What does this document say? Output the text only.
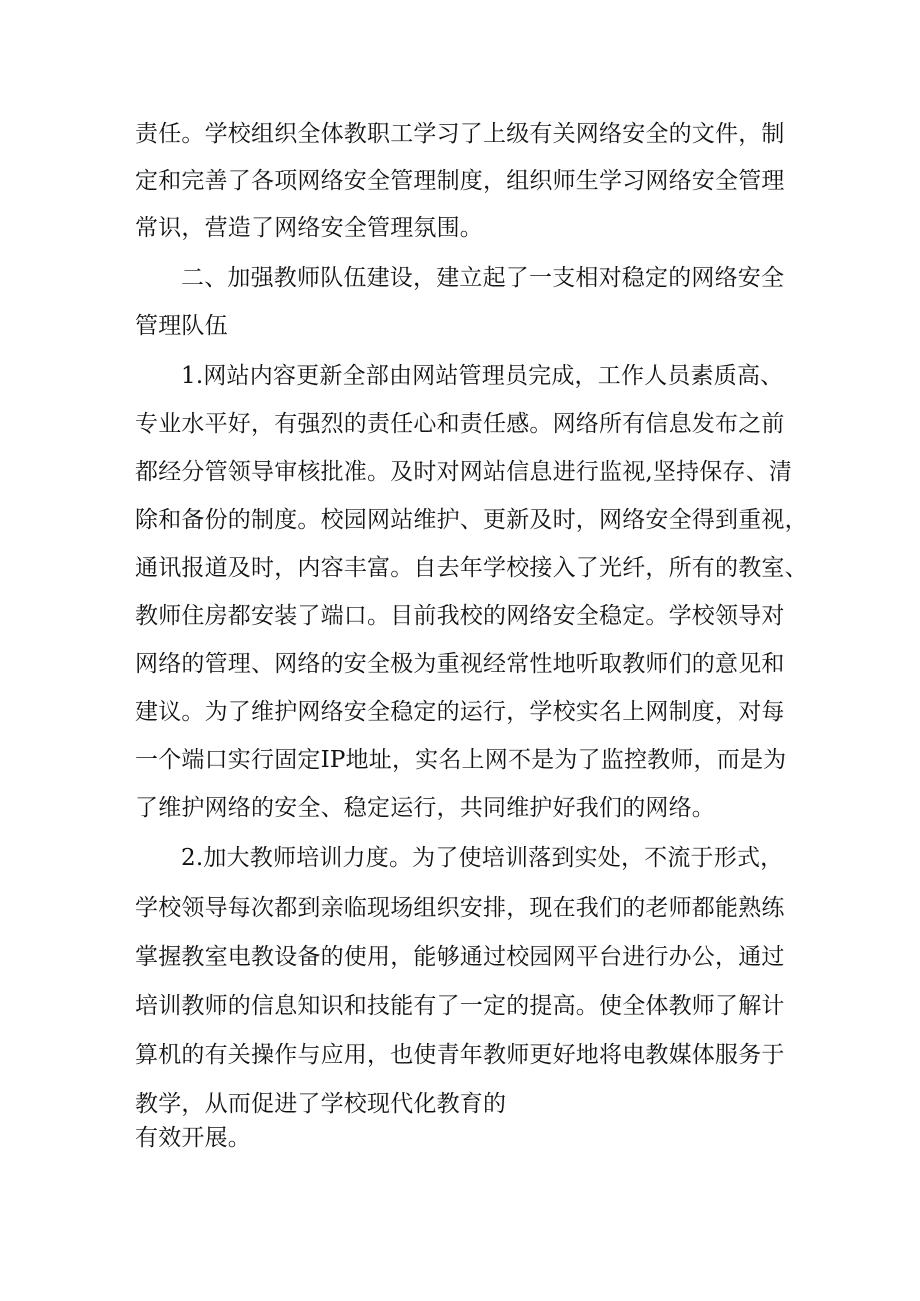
责任。学校组织全体教职工学习了上级有关网络安全的文件，制
定和完善了各项网络安全管理制度，组织师生学习网络安全管理
常识，营造了网络安全管理氛围。
二、加强教师队伍建设，建立起了一支相对稳定的网络安全
管理队伍
1.网站内容更新全部由网站管理员完成，工作人员素质高、
专业水平好，有强烈的责任心和责任感。网络所有信息发布之前
都经分管领导审核批准。及时对网站信息进行监视,坚持保存、清
除和备份的制度。校园网站维护、更新及时，网络安全得到重视，
通讯报道及时，内容丰富。自去年学校接入了光纤，所有的教室、
教师住房都安装了端口。目前我校的网络安全稳定。学校领导对
网络的管理、网络的安全极为重视经常性地听取教师们的意见和
建议。为了维护网络安全稳定的运行，学校实名上网制度，对每
一个端口实行固定IP地址，实名上网不是为了监控教师，而是为
了维护网络的安全、稳定运行，共同维护好我们的网络。
2.加大教师培训力度。为了使培训落到实处，不流于形式，
学校领导每次都到亲临现场组织安排，现在我们的老师都能熟练
掌握教室电教设备的使用，能够通过校园网平台进行办公，通过
培训教师的信息知识和技能有了一定的提高。使全体教师了解计
算机的有关操作与应用，也使青年教师更好地将电教媒体服务于
教学，从而促进了学校现代化教育的
有效开展。
